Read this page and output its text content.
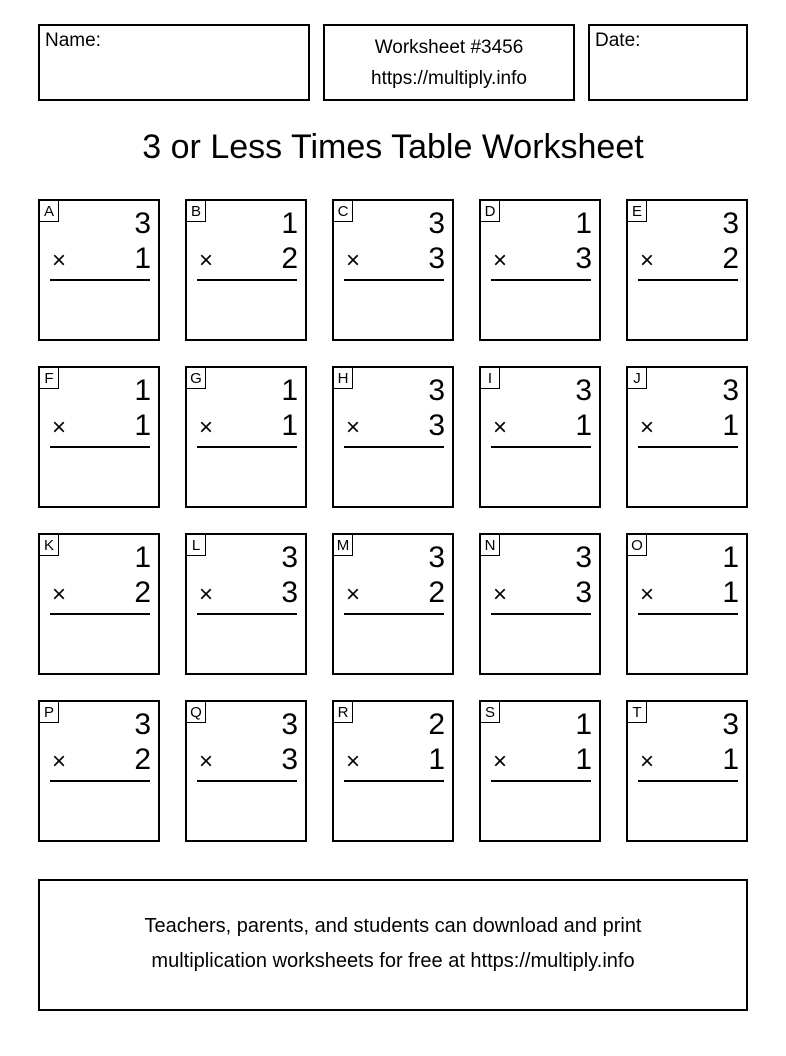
Name:	Worksheet #3456
https://multiply.info
Date:
3 or Less Times Table Worksheet
A	3
× 1
B	1
× 2
C	3
× 3
D	1
× 3
E	3
× 2
F	1
× 1
G	1
× 1
H	3
× 3
I	3
× 1
J	3
× 1
K	1
× 2
L	3
× 3
M	3
× 2
N	3
× 3
O	1
× 1
P	3
× 2
Q	3
× 3
R	2
× 1
S	1
× 1
T	3
× 1
Teachers, parents, and students can download and print
multiplication worksheets for free at https://multiply.info
